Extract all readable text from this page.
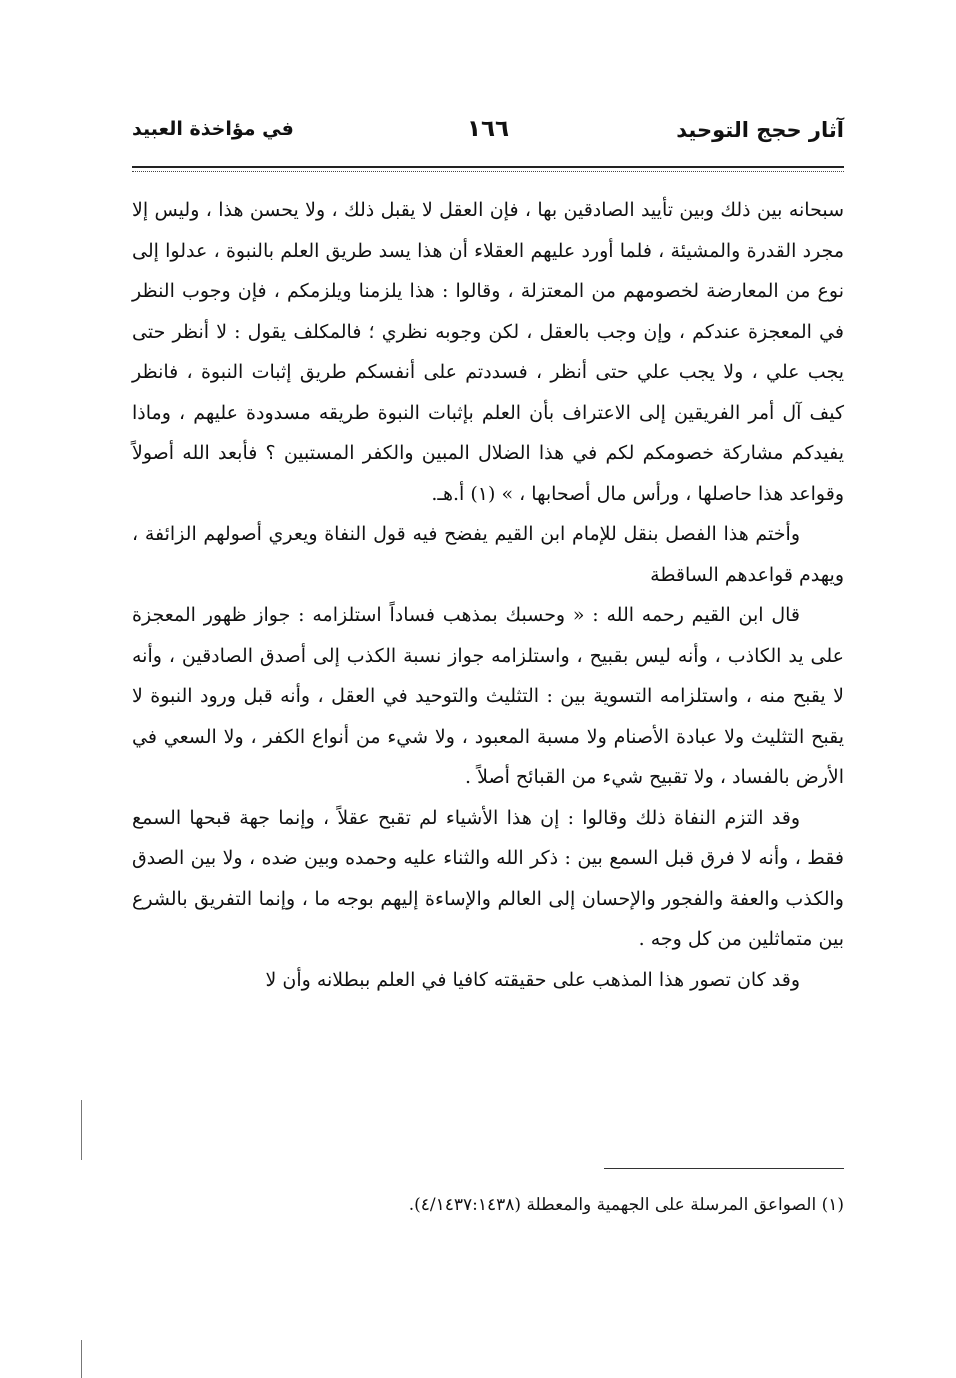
آثار حجج التوحيد
١٦٦
في مؤاخذة العبيد

سبحانه بين ذلك وبين تأييد الصادقين بها ، فإن العقل لا يقبل ذلك ، ولا يحسن هذا ، وليس إلا مجرد القدرة والمشيئة ، فلما أورد عليهم العقلاء أن هذا يسد طريق العلم بالنبوة ، عدلوا إلى نوع من المعارضة لخصومهم من المعتزلة ، وقالوا : هذا يلزمنا ويلزمكم ، فإن وجوب النظر في المعجزة عندكم ، وإن وجب بالعقل ، لكن وجوبه نظري ؛ فالمكلف يقول : لا أنظر حتى يجب علي ، ولا يجب علي حتى أنظر ، فسددتم على أنفسكم طريق إثبات النبوة ، فانظر كيف آل أمر الفريقين إلى الاعتراف بأن العلم بإثبات النبوة طريقه مسدودة عليهم ، وماذا يفيدكم مشاركة خصومكم لكم في هذا الضلال المبين والكفر المستبين ؟ فأبعد الله أصولاً وقواعد هذا حاصلها ، ورأس مال أصحابها ، » (١) أ.هـ.

وأختم هذا الفصل بنقل للإمام ابن القيم يفضح فيه قول النفاة ويعري أصولهم الزائفة ، ويهدم قواعدهم الساقطة

قال ابن القيم رحمه الله : « وحسبك بمذهب فساداً استلزامه : جواز ظهور المعجزة على يد الكاذب ، وأنه ليس بقبيح ، واستلزامه جواز نسبة الكذب إلى أصدق الصادقين ، وأنه لا يقبح منه ، واستلزامه التسوية بين : التثليث والتوحيد في العقل ، وأنه قبل ورود النبوة لا يقبح التثليث ولا عبادة الأصنام ولا مسبة المعبود ، ولا شيء من أنواع الكفر ، ولا السعي في الأرض بالفساد ، ولا تقبيح شيء من القبائح أصلاً .

وقد التزم النفاة ذلك وقالوا : إن هذا الأشياء لم تقبح عقلاً ، وإنما جهة قبحها السمع فقط ، وأنه لا فرق قبل السمع بين : ذكر الله والثناء عليه وحمده وبين ضده ، ولا بين الصدق والكذب والعفة والفجور والإحسان إلى العالم والإساءة إليهم بوجه ما ، وإنما التفريق بالشرع بين متماثلين من كل وجه .

وقد كان تصور هذا المذهب على حقيقته كافيا في العلم ببطلانه وأن لا

(١) الصواعق المرسلة على الجهمية والمعطلة (٤/١٤٣٧:١٤٣٨).
